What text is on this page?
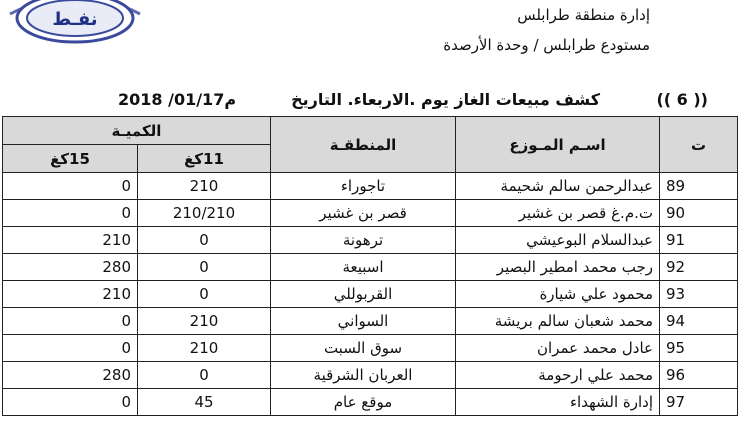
نفـط	إدارة منطقة طرابلس
مستودع طرابلس / وحدة الأرصدة
(( 6 ))
كشف مبيعات الغاز يوم .الاربعاء. التاريخ
2018 /01/17م
ت	اسـم المـوزع	المنطقـة	الكميـة	
			11كغ	15كغ
89	عبدالرحمن سالم شحيمة	تاجوراء	210	0
90	ت.م.غ قصر بن غشير	قصر بن غشير	210/210	0
91	عبدالسلام البوعيشي	ترهونة	0	210
92	رجب محمد امطير البصير	اسبيعة	0	280
93	محمود علي شيارة	القربوللي	0	210
94	محمد شعبان سالم بريشة	السواني	210	0
95	عادل محمد عمران	سوق السبت	210	0
96	محمد علي ارحومة	العربان الشرقية	0	280
97	إدارة الشهداء	موقع عام	45	0
